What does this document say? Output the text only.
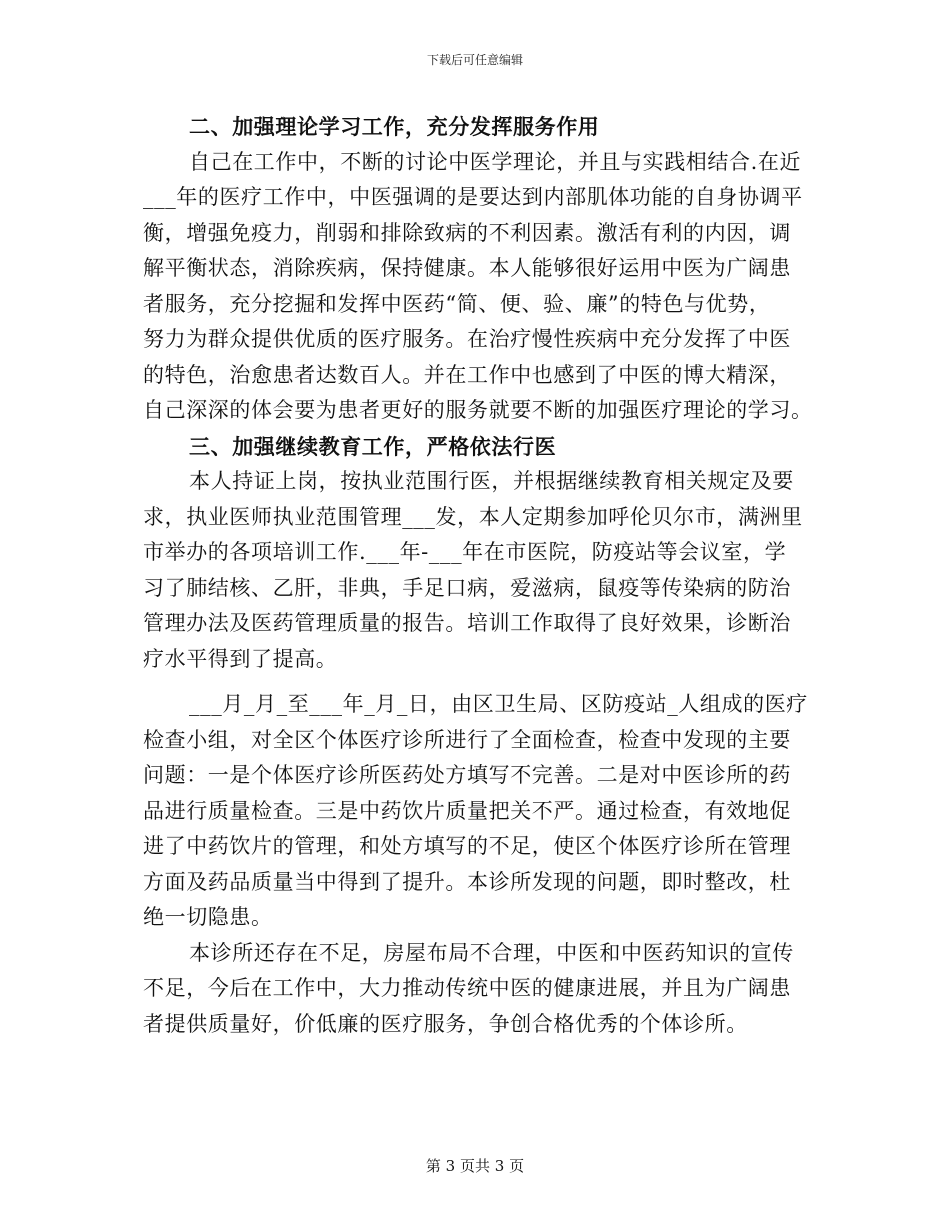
下载后可任意编辑
二、加强理论学习工作，充分发挥服务作用
自己在工作中，不断的讨论中医学理论，并且与实践相结合.在近
___年的医疗工作中，中医强调的是要达到内部肌体功能的自身协调平
衡，增强免疫力，削弱和排除致病的不利因素。激活有利的内因，调
解平衡状态，消除疾病，保持健康。本人能够很好运用中医为广阔患
者服务，充分挖掘和发挥中医药“简、便、验、廉”的特色与优势，
努力为群众提供优质的医疗服务。在治疗慢性疾病中充分发挥了中医
的特色，治愈患者达数百人。并在工作中也感到了中医的博大精深，
自己深深的体会要为患者更好的服务就要不断的加强医疗理论的学习。
三、加强继续教育工作，严格依法行医
本人持证上岗，按执业范围行医，并根据继续教育相关规定及要
求，执业医师执业范围管理___发，本人定期参加呼伦贝尔市，满洲里
市举办的各项培训工作.___年-___年在市医院，防疫站等会议室，学
习了肺结核、乙肝，非典，手足口病，爱滋病，鼠疫等传染病的防治
管理办法及医药管理质量的报告。培训工作取得了良好效果，诊断治
疗水平得到了提高。
___月_月_至___年_月_日，由区卫生局、区防疫站_人组成的医疗
检查小组，对全区个体医疗诊所进行了全面检查，检查中发现的主要
问题：一是个体医疗诊所医药处方填写不完善。二是对中医诊所的药
品进行质量检查。三是中药饮片质量把关不严。通过检查，有效地促
进了中药饮片的管理，和处方填写的不足，使区个体医疗诊所在管理
方面及药品质量当中得到了提升。本诊所发现的问题，即时整改，杜
绝一切隐患。
本诊所还存在不足，房屋布局不合理，中医和中医药知识的宣传
不足，今后在工作中，大力推动传统中医的健康进展，并且为广阔患
者提供质量好，价低廉的医疗服务，争创合格优秀的个体诊所。
第 3 页共 3 页
